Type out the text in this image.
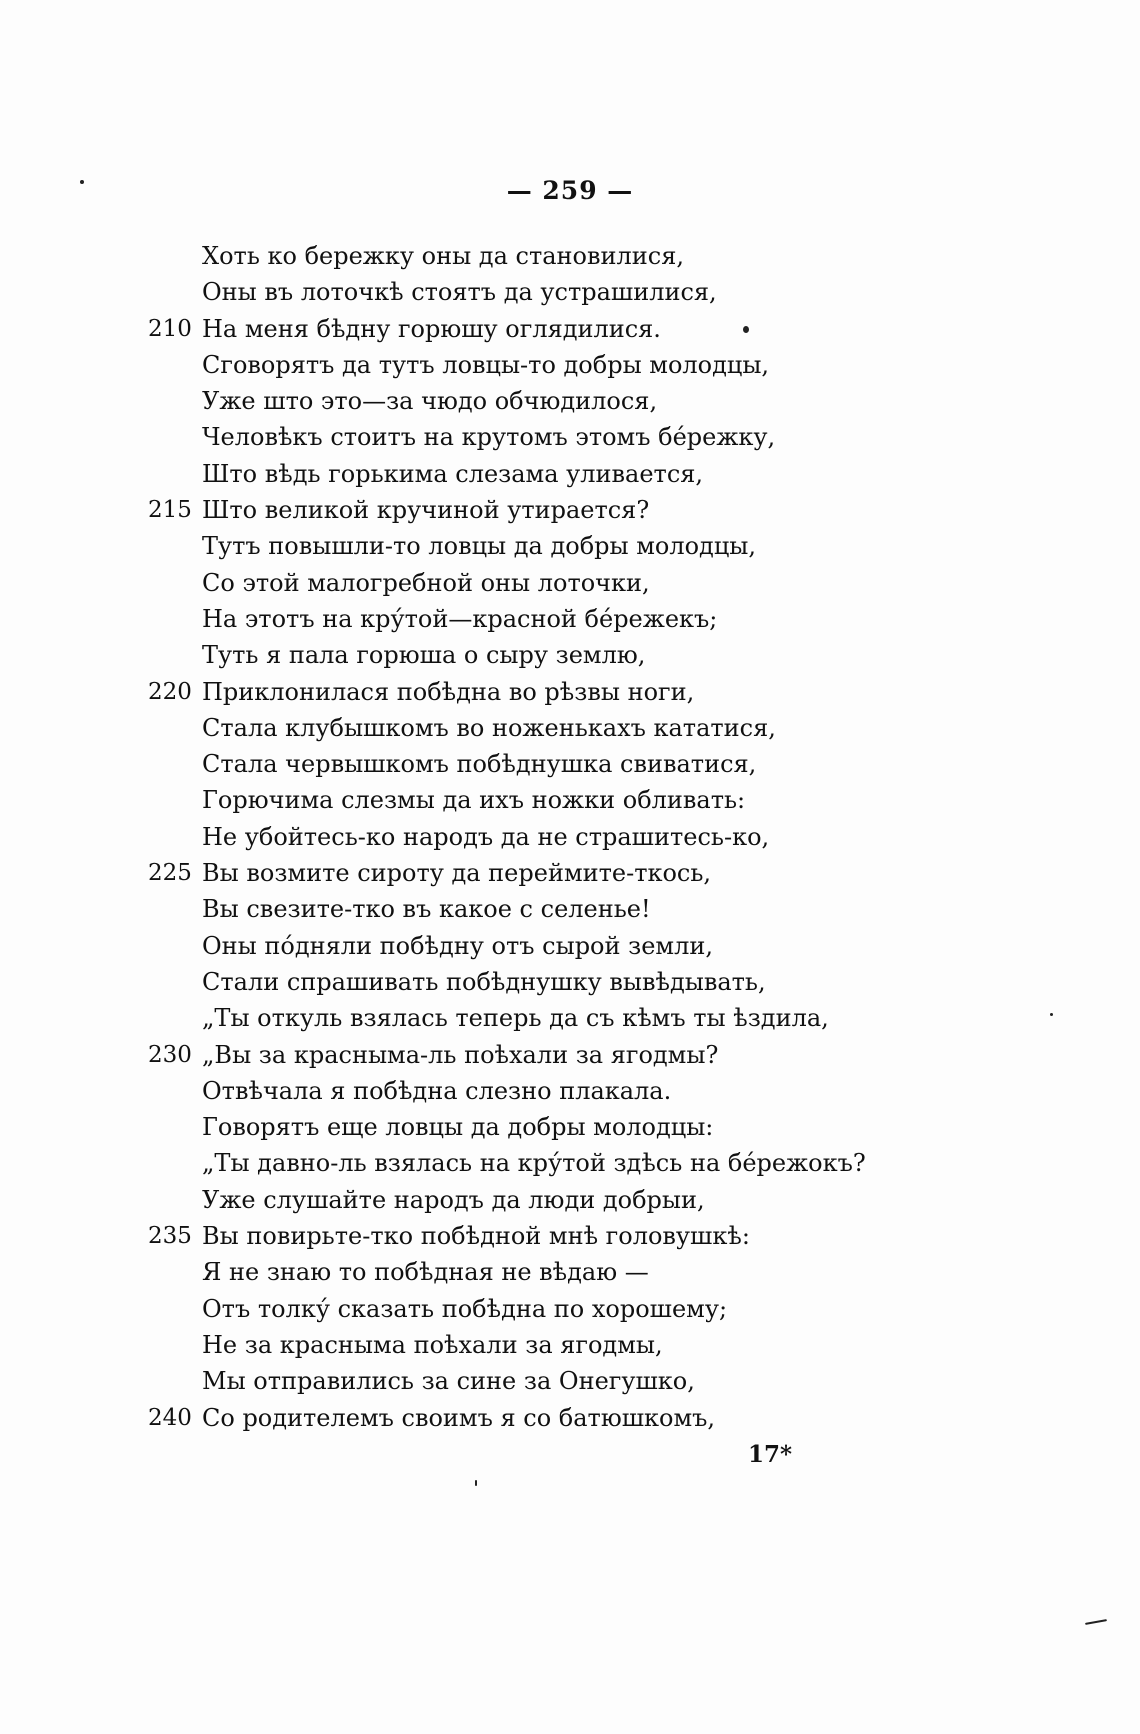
— 259 —
Хоть ко бережку оны да становилися,
Оны въ лоточкѣ стоятъ да устрашилися,
210 На меня бѣдну горюшу оглядилися.
Сговорятъ да тутъ ловцы-то добры молодцы,
Уже што это—за чюдо обчюдилося,
Человѣкъ стоитъ на крутомъ этомъ бе́режку,
Што вѣдь горькима слезама уливается,
215 Што великой кручиной утирается?
Тутъ повышли-то ловцы да добры молодцы,
Со этой малогребной оны лоточки,
На этотъ на кру́той—красной бе́режекъ;
Туть я пала горюша о сыру землю,
220 Приклонилася побѣдна во рѣзвы ноги,
Стала клубышкомъ во ноженькахъ кататися,
Стала червышкомъ побѣднушка свиватися,
Горючима слезмы да ихъ ножки обливать:
Не убойтесь-ко народъ да не страшитесь-ко,
225 Вы возмите сироту да переймите-ткось,
Вы свезите-тко въ какое с селенье!
Оны по́дняли побѣдну отъ сырой земли,
Стали спрашивать побѣднушку вывѣдывать,
„Ты откуль взялась теперь да съ кѣмъ ты ѣздила,
230 „Вы за красныма-ль поѣхали за ягодмы?
Отвѣчала я побѣдна слезно плакала.
Говорятъ еще ловцы да добры молодцы:
„Ты давно-ль взялась на кру́той здѣсь на бе́режокъ?
Уже слушайте народъ да люди добрыи,
235 Вы повирьте-тко побѣдной мнѣ головушкѣ:
Я не знаю то побѣдная не вѣдаю —
Отъ толку́ сказать побѣдна по хорошему;
Не за красныма поѣхали за ягодмы,
Мы отправились за сине за Онегушко,
240 Со родителемъ своимъ я со батюшкомъ,
17*
